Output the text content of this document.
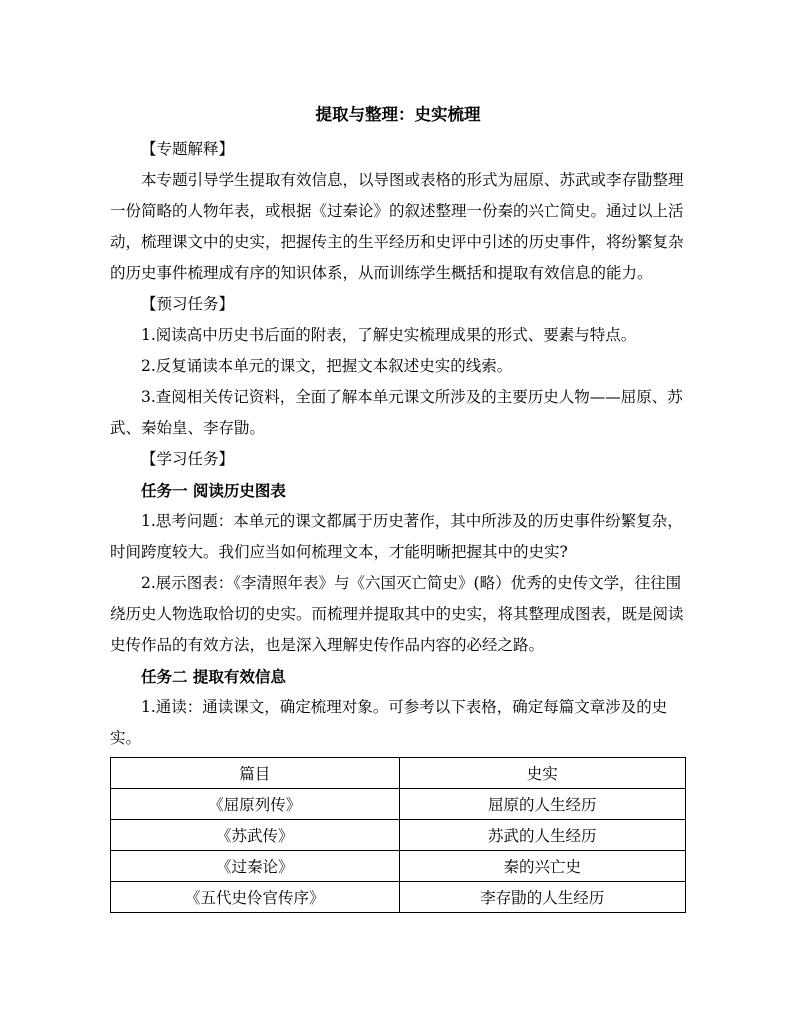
提取与整理：史实梳理

【专题解释】

本专题引导学生提取有效信息，以导图或表格的形式为屈原、苏武或李存勖整理一份简略的人物年表，或根据《过秦论》的叙述整理一份秦的兴亡简史。通过以上活动，梳理课文中的史实，把握传主的生平经历和史评中引述的历史事件，将纷繁复杂的历史事件梳理成有序的知识体系，从而训练学生概括和提取有效信息的能力。

【预习任务】

1.阅读高中历史书后面的附表，了解史实梳理成果的形式、要素与特点。

2.反复诵读本单元的课文，把握文本叙述史实的线索。

3.查阅相关传记资料，全面了解本单元课文所涉及的主要历史人物——屈原、苏武、秦始皇、李存勖。

【学习任务】

任务一 阅读历史图表

1.思考问题：本单元的课文都属于历史著作，其中所涉及的历史事件纷繁复杂，时间跨度较大。我们应当如何梳理文本，才能明晰把握其中的史实?

2.展示图表：《李清照年表》与《六国灭亡简史》(略）优秀的史传文学，往往围绕历史人物选取恰切的史实。而梳理并提取其中的史实，将其整理成图表，既是阅读史传作品的有效方法，也是深入理解史传作品内容的必经之路。

任务二 提取有效信息

1.通读：通读课文，确定梳理对象。可参考以下表格，确定每篇文章涉及的史实。

篇目	史实
《屈原列传》	屈原的人生经历
《苏武传》	苏武的人生经历
《过秦论》	秦的兴亡史
《五代史伶官传序》	李存勖的人生经历
